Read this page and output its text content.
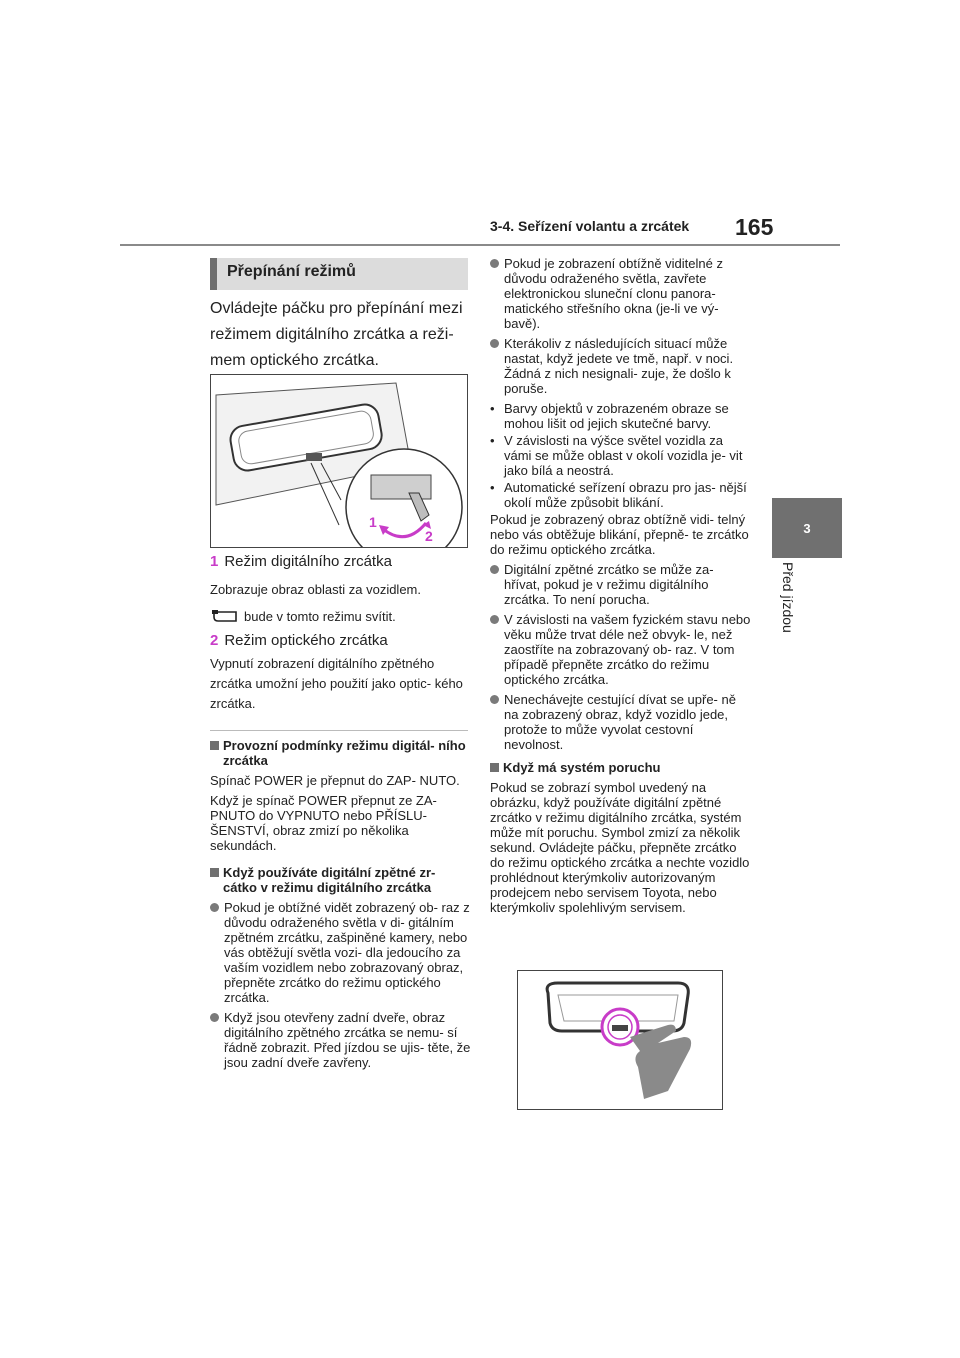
3-4. Seřízení volantu a zrcátek 165
3
Před jízdou
Přepínání režimů
Ovládejte páčku pro přepínání mezi režimem digitálního zrcátka a reži- mem optického zrcátka.
1
2
1 Režim digitálního zrcátka
Zobrazuje obraz oblasti za vozidlem.
bude v tomto režimu svítit.
2 Režim optického zrcátka
Vypnutí zobrazení digitálního zpětného zrcátka umožní jeho použití jako optic- kého zrcátka.
Provozní podmínky režimu digitál- ního zrcátka
Spínač POWER je přepnut do ZAP- NUTO.
Když je spínač POWER přepnut ze ZA- PNUTO do VYPNUTO nebo PŘÍSLU- ŠENSTVÍ, obraz zmizí po několika sekundách.
Když používáte digitální zpětné zr- cátko v režimu digitálního zrcátka
Pokud je obtížné vidět zobrazený ob- raz z důvodu odraženého světla v di- gitálním zpětném zrcátku, zašpiněné kamery, nebo vás obtěžují světla vozi- dla jedoucího za vaším vozidlem nebo zobrazovaný obraz, přepněte zrcátko do režimu optického zrcátka.
Když jsou otevřeny zadní dveře, obraz digitálního zpětného zrcátka se nemu- sí řádně zobrazit. Před jízdou se ujis- těte, že jsou zadní dveře zavřeny.
Pokud je zobrazení obtížně viditelné z důvodu odraženého světla, zavřete elektronickou sluneční clonu panora- matického střešního okna (je-li ve vý- bavě).
Kterákoliv z následujících situací může nastat, když jedete ve tmě, např. v noci. Žádná z nich nesignali- zuje, že došlo k poruše.
• Barvy objektů v zobrazeném obraze se mohou lišit od jejich skutečné barvy.
• V závislosti na výšce světel vozidla za vámi se může oblast v okolí vozidla je- vit jako bílá a neostrá.
• Automatické seřízení obrazu pro jas- nější okolí může způsobit blikání.
Pokud je zobrazený obraz obtížně vidi- telný nebo vás obtěžuje blikání, přepně- te zrcátko do režimu optického zrcátka.
Digitální zpětné zrcátko se může za- hřívat, pokud je v režimu digitálního zrcátka. To není porucha.
V závislosti na vašem fyzickém stavu nebo věku může trvat déle než obvyk- le, než zaostříte na zobrazovaný ob- raz. V tom případě přepněte zrcátko do režimu optického zrcátka.
Nenechávejte cestující dívat se upře- ně na zobrazený obraz, když vozidlo jede, protože to může vyvolat cestovní nevolnost.
Když má systém poruchu
Pokud se zobrazí symbol uvedený na obrázku, když používáte digitální zpětné zrcátko v režimu digitálního zrcátka, systém může mít poruchu. Symbol zmizí za několik sekund. Ovládejte páčku, přepněte zrcátko do režimu optického zrcátka a nechte vozidlo prohlédnout kterýmkoliv autorizovaným prodejcem nebo servisem Toyota, nebo kterýmkoliv spolehlivým servisem.
